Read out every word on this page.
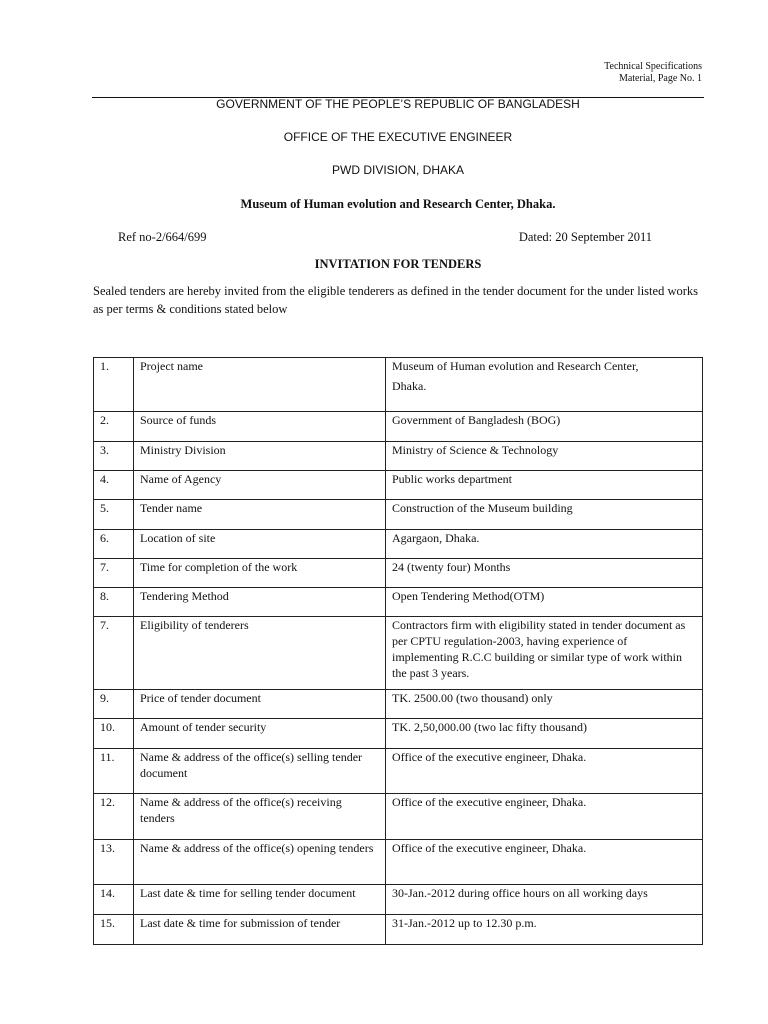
Technical Specifications
Material, Page No. 1
GOVERNMENT OF THE PEOPLE’S REPUBLIC OF BANGLADESH
OFFICE OF THE EXECUTIVE ENGINEER
PWD DIVISION, DHAKA
Museum of Human evolution and Research Center, Dhaka.
Ref no-2/664/699	Dated: 20 September 2011
INVITATION FOR TENDERS
Sealed tenders are hereby invited from the eligible tenderers as defined in the tender document for the under listed works as per terms & conditions stated below
1.	Project name	Museum of Human evolution and Research Center,
Dhaka.

2.	Source of funds	Government of Bangladesh (BOG)
3.	Ministry Division	Ministry of Science & Technology
4.	Name of Agency	Public works department
5.	Tender name	Construction of the Museum building
6.	Location of site	Agargaon, Dhaka.
7.	Time for completion of the work	24 (twenty four) Months
8.	Tendering Method	Open Tendering Method(OTM)
7.	Eligibility of tenderers	Contractors firm with eligibility stated in tender document as per CPTU regulation-2003, having experience of implementing R.C.C building or similar type of work within the past 3 years.
9.	Price of tender document	TK. 2500.00 (two thousand) only
10.	Amount of tender security	TK. 2,50,000.00 (two lac fifty thousand)
11.	Name & address of the office(s) selling tender document	Office of the executive engineer, Dhaka.
12.	Name & address of the office(s) receiving tenders	Office of the executive engineer, Dhaka.
13.	Name & address of the office(s) opening tenders	Office of the executive engineer, Dhaka.
14.	Last date & time for selling tender document	30-Jan.-2012 during office hours on all working days
15.	Last date & time for submission of tender	31-Jan.-2012 up to 12.30 p.m.
